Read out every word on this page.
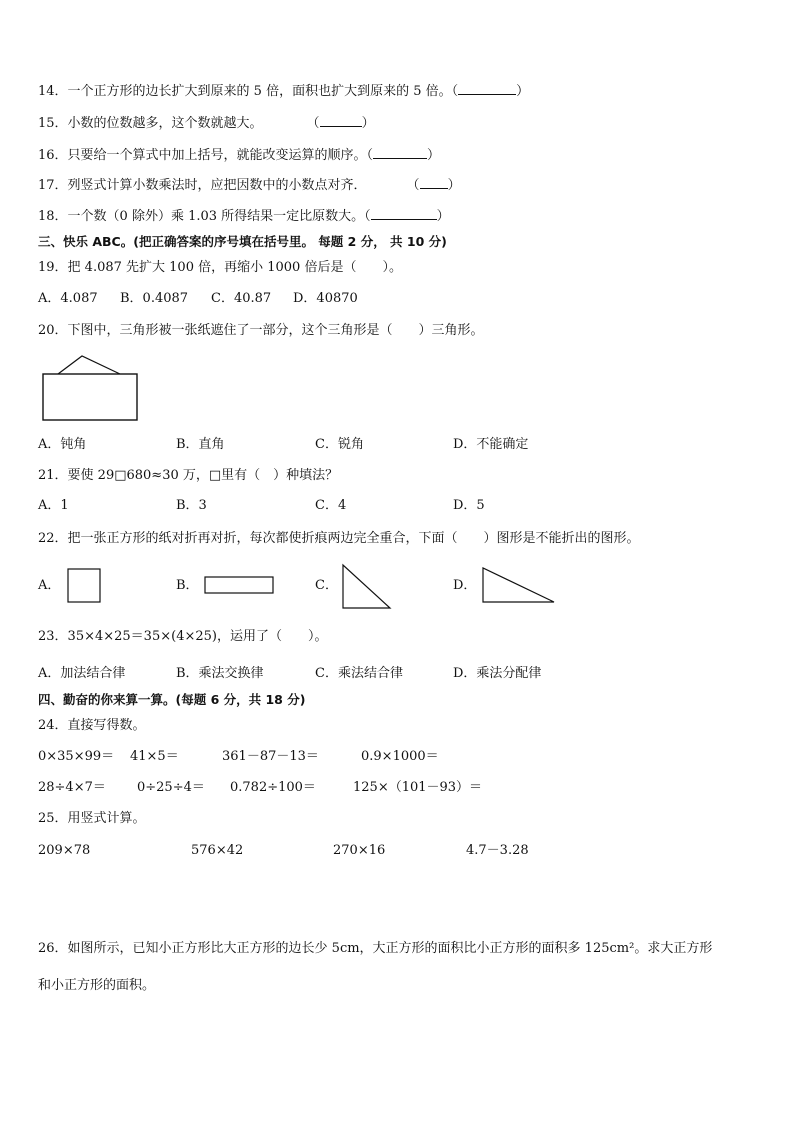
14．一个正方形的边长扩大到原来的 5 倍，面积也扩大到原来的 5 倍。（	）
15．小数的位数越多，这个数就越大。	（	）
16．只要给一个算式中加上括号，就能改变运算的顺序。（	）
17．列竖式计算小数乘法时，应把因数中的小数点对齐．	（ ）
18．一个数（0 除外）乘 1.03 所得结果一定比原数大。（	）
三、快乐 ABC。(把正确答案的序号填在括号里。 每题 2 分， 共 10 分)
19．把 4.087 先扩大 100 倍，再缩小 1000 倍后是（　　）。
A．4.087 B．0.4087 C．40.87 D．40870
20．下图中，三角形被一张纸遮住了一部分，这个三角形是（　　）三角形。
A．钝角	B．直角	C．锐角	D．不能确定
21．要使 29□680≈30 万，□里有（　）种填法？
A．1	B．3	C．4	D．5
22．把一张正方形的纸对折再对折，每次都使折痕两边完全重合，下面（　　）图形是不能折出的图形。
A．	B．	C．	D．
23．35×4×25＝35×(4×25)，运用了（　　）。
A．加法结合律	B．乘法交换律	C．乘法结合律	D．乘法分配律
四、勤奋的你来算一算。(每题 6 分，共 18 分)
24．直接写得数。
0×35×99＝ 41×5＝	361－87－13＝	0.9×1000＝
28÷4×7＝ 0÷25÷4＝ 0.782÷100＝	125×（101－93）＝
25．用竖式计算。
209×78	576×42	270×16	4.7－3.28
26．如图所示，已知小正方形比大正方形的边长少 5cm，大正方形的面积比小正方形的面积多 125cm²。求大正方形
和小正方形的面积。
